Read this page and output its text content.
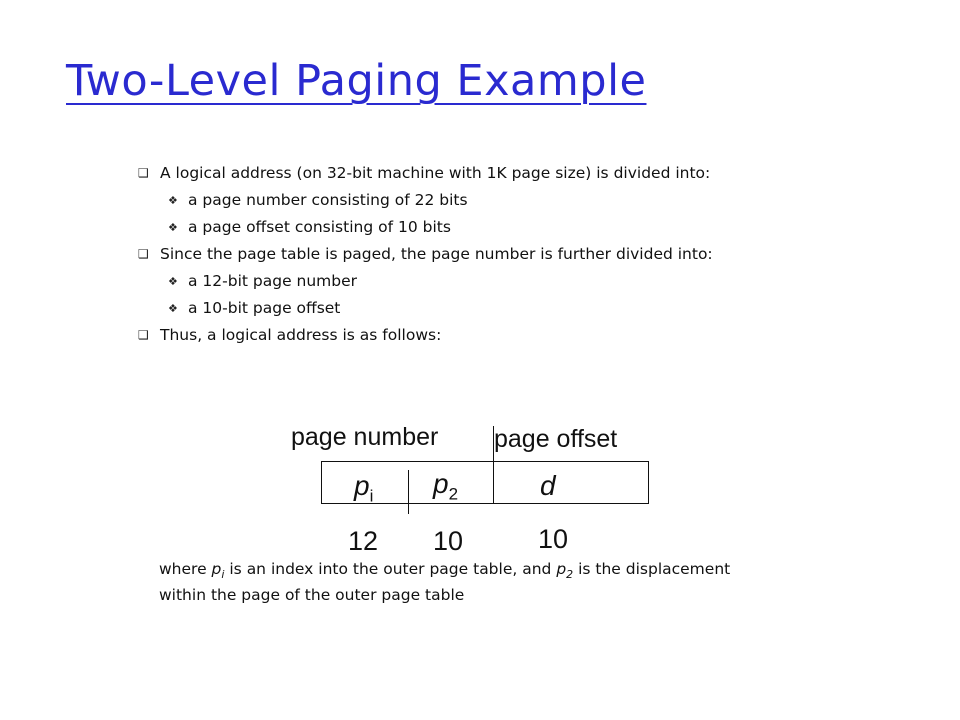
Two-Level Paging Example
❑ A logical address (on 32-bit machine with 1K page size) is divided into:
❖ a page number consisting of 22 bits
❖ a page offset consisting of 10 bits
❑ Since the page table is paged, the page number is further divided into:
❖ a 12-bit page number
❖ a 10-bit page offset
❑ Thus, a logical address is as follows:
page number page offset
$p_i$ $p_2$	d
12 10	10
where $p_i$ is an index into the outer page table, and $p_2$ is the displacement
within the page of the outer page table
